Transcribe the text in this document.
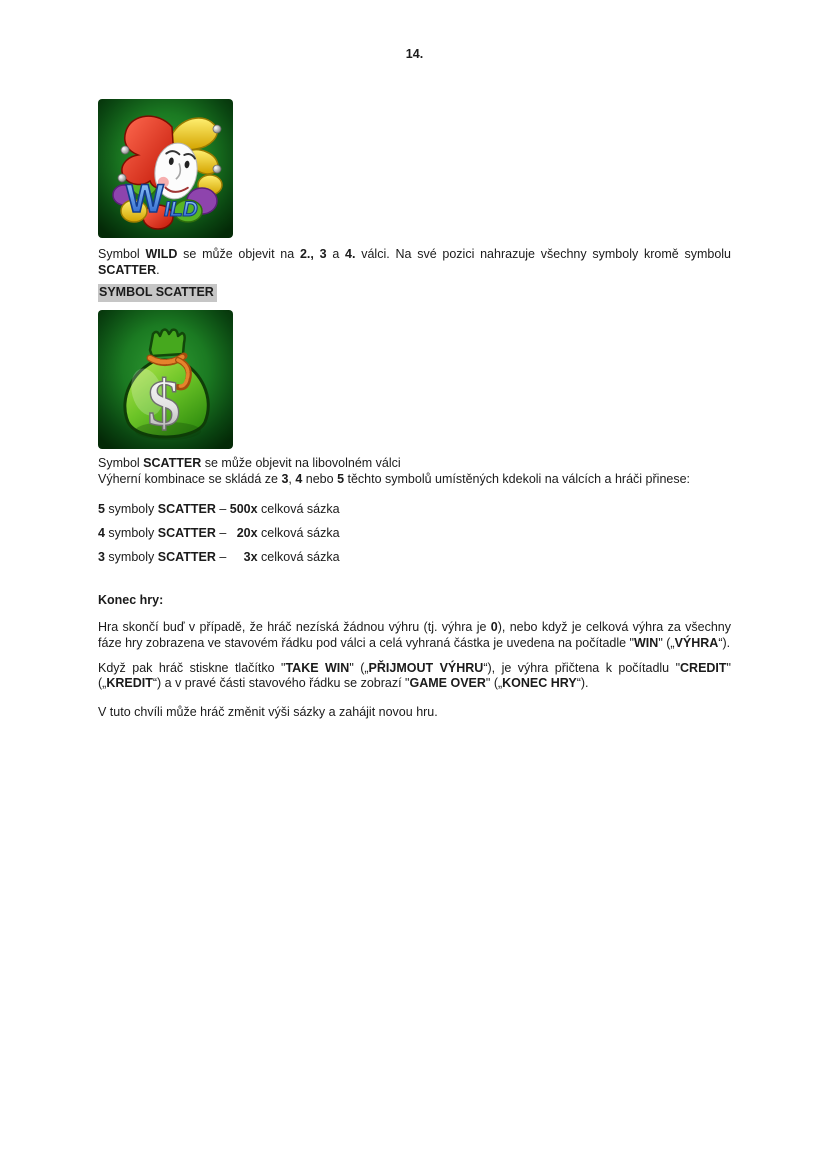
14.

W ILD

Symbol WILD se může objevit na 2., 3 a 4. válci. Na své pozici nahrazuje všechny symboly kromě symbolu SCATTER.

SYMBOL SCATTER
$

Symbol SCATTER se může objevit na libovolném válci
Výherní kombinace se skládá ze 3, 4 nebo 5 těchto symbolů umístěných kdekoli na válcích a hráči přinese:

5 symboly SCATTER – 500x celková sázka

4 symboly SCATTER –   20x celková sázka

3 symboly SCATTER –     3x celková sázka

Konec hry:

Hra skončí buď v případě, že hráč nezíská žádnou výhru (tj. výhra je 0), nebo když je celková výhra za všechny fáze hry zobrazena ve stavovém řádku pod válci a celá vyhraná částka je uvedena na počítadle "WIN" („VÝHRA“).

Když pak hráč stiskne tlačítko "TAKE WIN" („PŘIJMOUT VÝHRU“), je výhra přičtena k počítadlu "CREDIT" („KREDIT“) a v pravé části stavového řádku se zobrazí "GAME OVER" („KONEC HRY“).

V tuto chvíli může hráč změnit výši sázky a zahájit novou hru.
